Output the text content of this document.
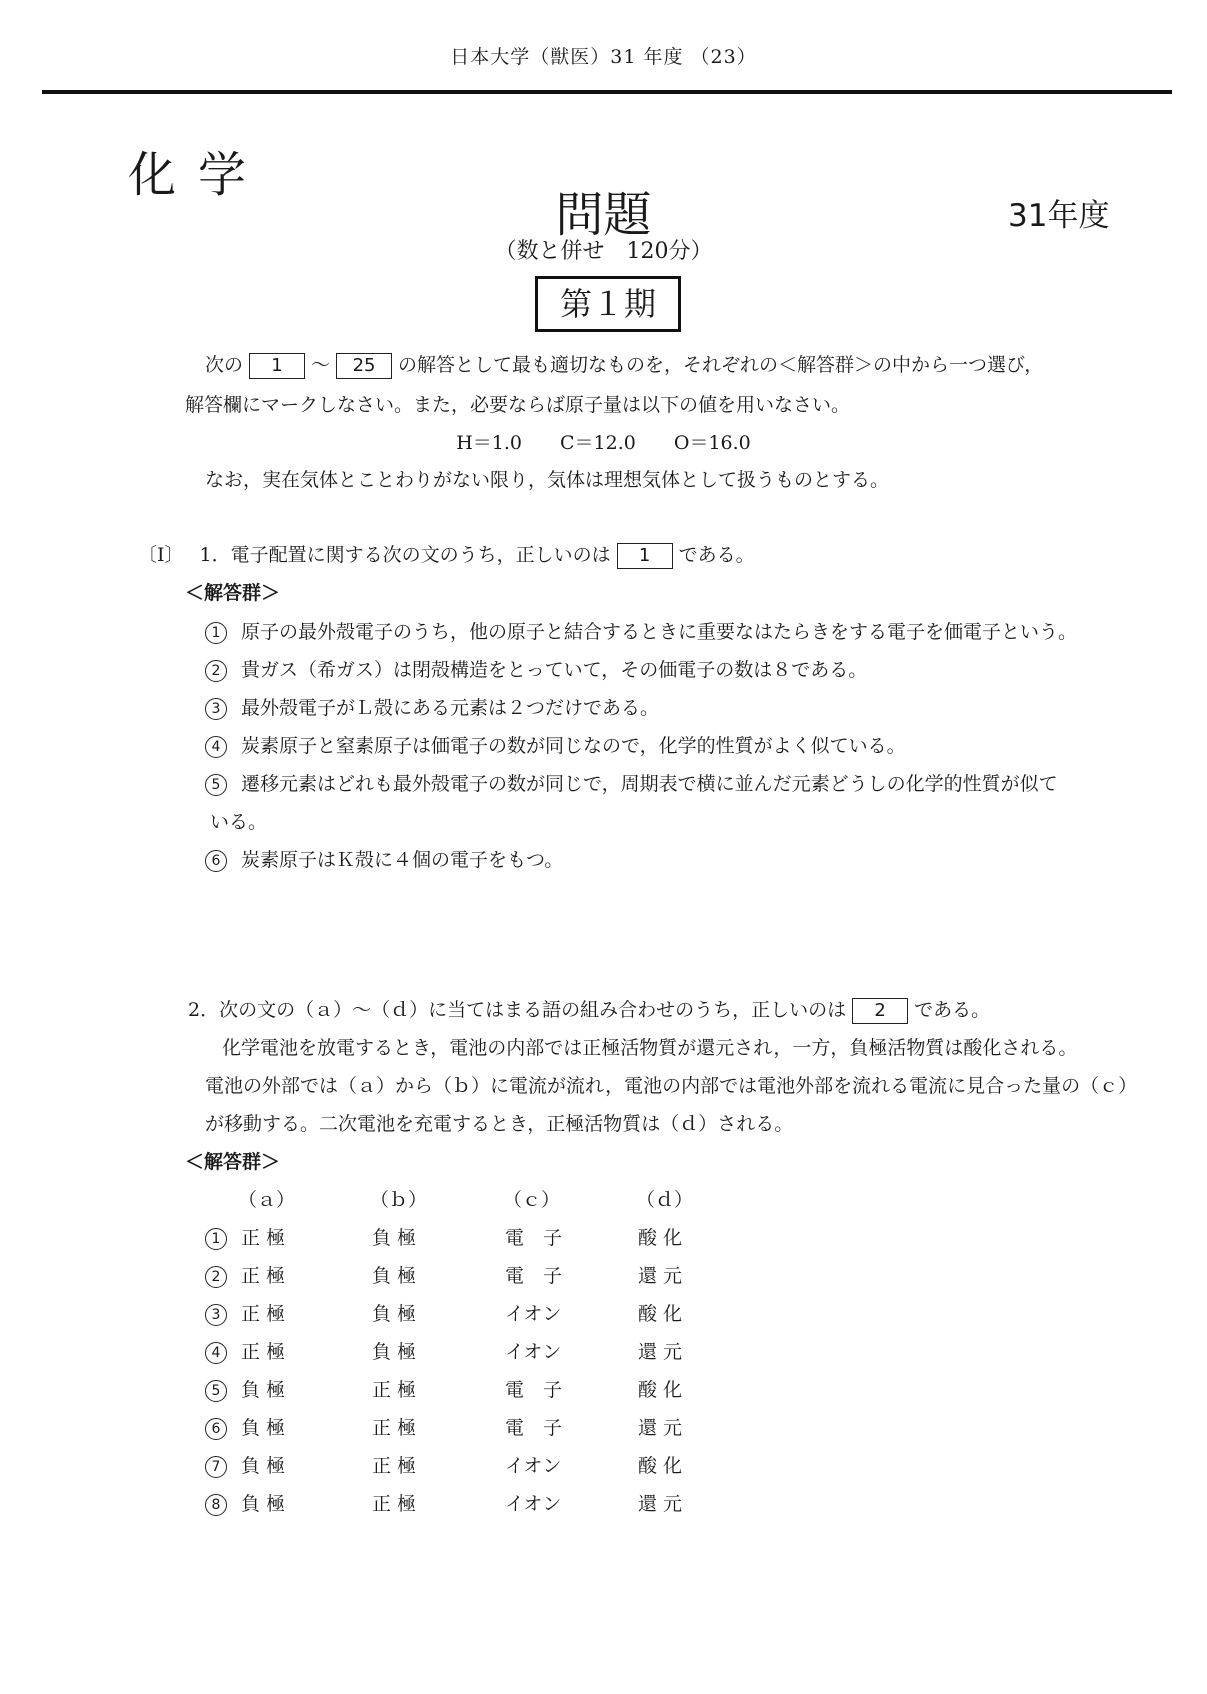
日本大学（獣医）31 年度 （23）
化学
問題	31年度
（数と併せ　120分）
第１期
次の 1 ～ 25 の解答として最も適切なものを，それぞれの＜解答群＞の中から一つ選び，
解答欄にマークしなさい。また，必要ならば原子量は以下の値を用いなさい。
H＝1.0　　C＝12.0　　O＝16.0
なお，実在気体とことわりがない限り，気体は理想気体として扱うものとする。
〔Ⅰ〕 1．電子配置に関する次の文のうち，正しいのは 1 である。
＜解答群＞
1 原子の最外殻電子のうち，他の原子と結合するときに重要なはたらきをする電子を価電子という。
2 貴ガス（希ガス）は閉殻構造をとっていて，その価電子の数は８である。
3 最外殻電子がＬ殻にある元素は２つだけである。
4 炭素原子と窒素原子は価電子の数が同じなので，化学的性質がよく似ている。
5 遷移元素はどれも最外殻電子の数が同じで，周期表で横に並んだ元素どうしの化学的性質が似て
いる。
6 炭素原子はＫ殻に４個の電子をもつ。
2．次の文の（ａ）～（ｄ）に当てはまる語の組み合わせのうち，正しいのは 2 である。
化学電池を放電するとき，電池の内部では正極活物質が還元され，一方，負極活物質は酸化される。
電池の外部では（ａ）から（ｂ）に電流が流れ，電池の内部では電池外部を流れる電流に見合った量の（ｃ）
が移動する。二次電池を充電するとき，正極活物質は（ｄ）される。
＜解答群＞
（ａ）	（ｂ）	（ｃ）	（ｄ）
1 正 極	負 極	電　子	酸 化
2 正 極	負 極	電　子	還 元
3 正 極	負 極	イオン	酸 化
4 正 極	負 極	イオン	還 元
5 負 極	正 極	電　子	酸 化
6 負 極	正 極	電　子	還 元
7 負 極	正 極	イオン	酸 化
8 負 極	正 極	イオン	還 元
